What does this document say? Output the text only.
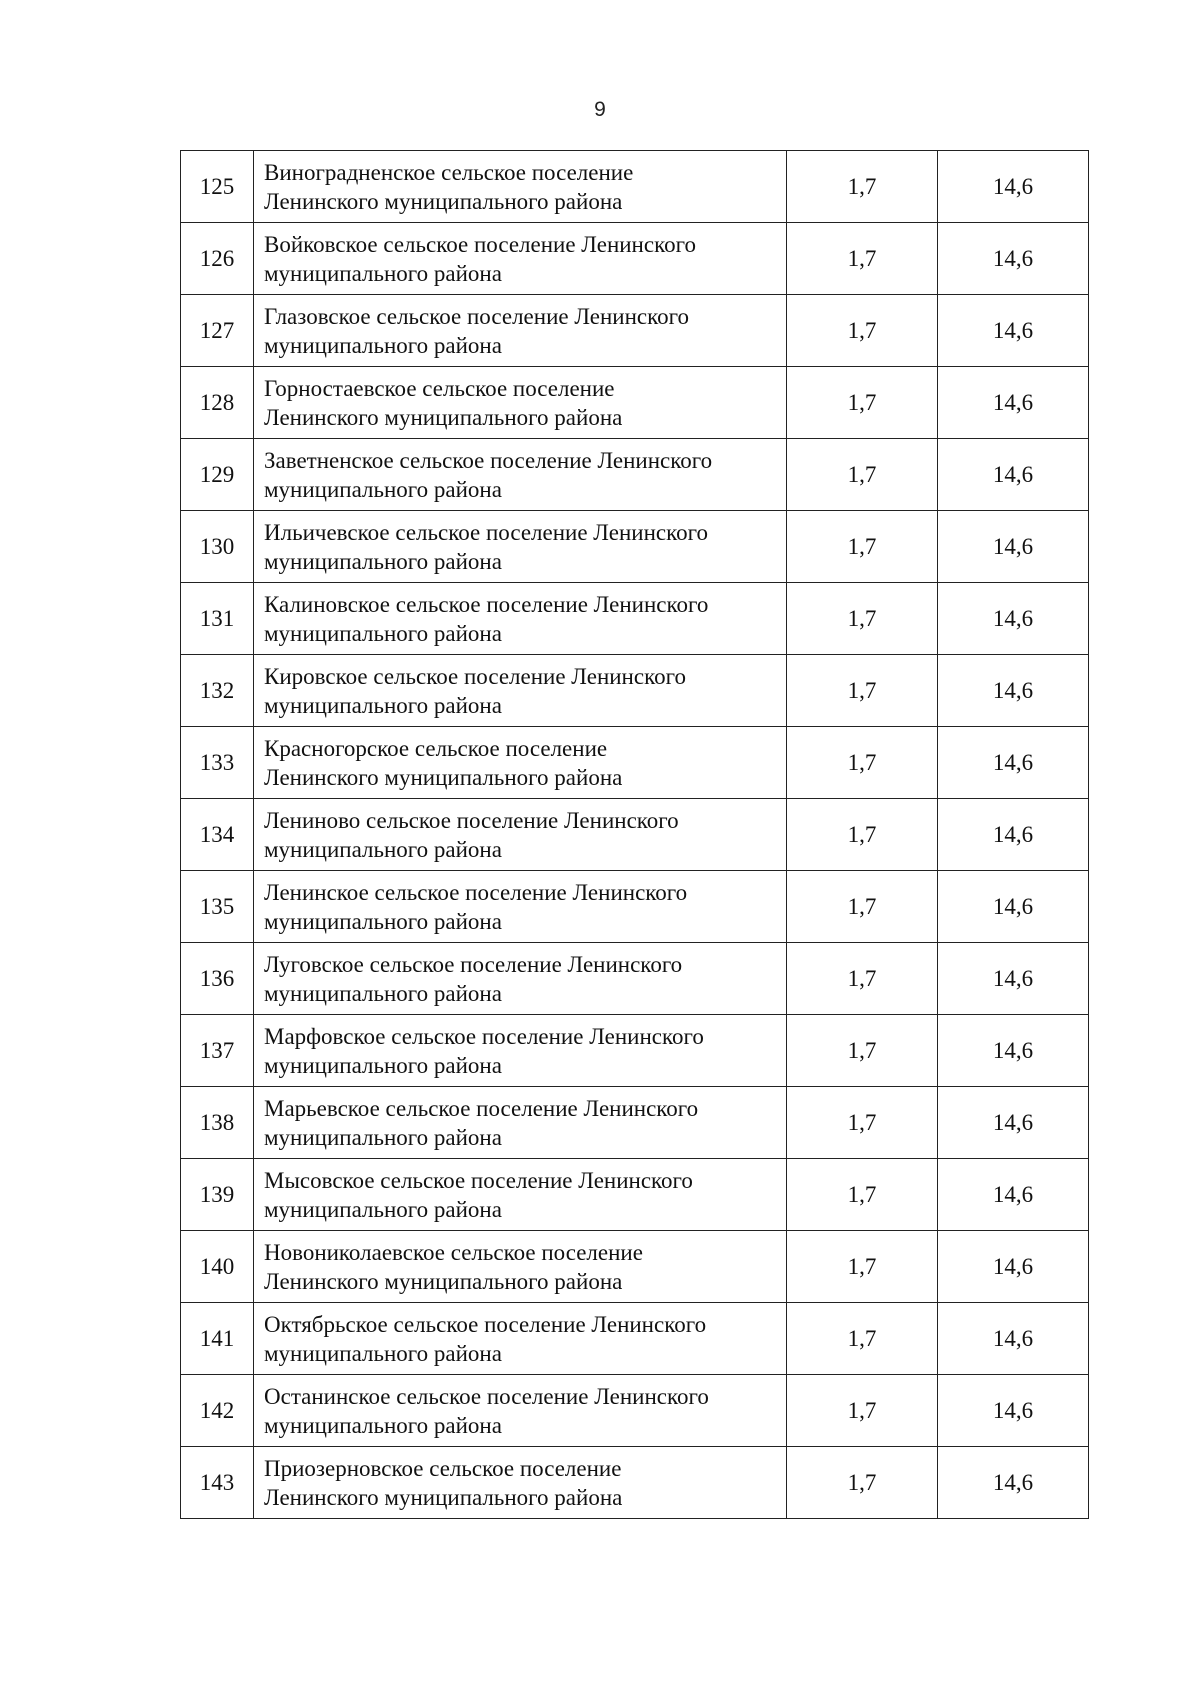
9
125	Виноградненское сельское поселение
Ленинского муниципального района	1,7	14,6
126	Войковское сельское поселение Ленинского
муниципального района	1,7	14,6
127	Глазовское сельское поселение Ленинского
муниципального района	1,7	14,6
128	Горностаевское сельское поселение
Ленинского муниципального района	1,7	14,6
129	Заветненское сельское поселение Ленинского
муниципального района	1,7	14,6
130	Ильичевское сельское поселение Ленинского
муниципального района	1,7	14,6
131	Калиновское сельское поселение Ленинского
муниципального района	1,7	14,6
132	Кировское сельское поселение Ленинского
муниципального района	1,7	14,6
133	Красногорское сельское поселение
Ленинского муниципального района	1,7	14,6
134	Лениново сельское поселение Ленинского
муниципального района	1,7	14,6
135	Ленинское сельское поселение Ленинского
муниципального района	1,7	14,6
136	Луговское сельское поселение Ленинского
муниципального района	1,7	14,6
137	Марфовское сельское поселение Ленинского
муниципального района	1,7	14,6
138	Марьевское сельское поселение Ленинского
муниципального района	1,7	14,6
139	Мысовское сельское поселение Ленинского
муниципального района	1,7	14,6
140	Новониколаевское сельское поселение
Ленинского муниципального района	1,7	14,6
141	Октябрьское сельское поселение Ленинского
муниципального района	1,7	14,6
142	Останинское сельское поселение Ленинского
муниципального района	1,7	14,6
143	Приозерновское сельское поселение
Ленинского муниципального района	1,7	14,6
